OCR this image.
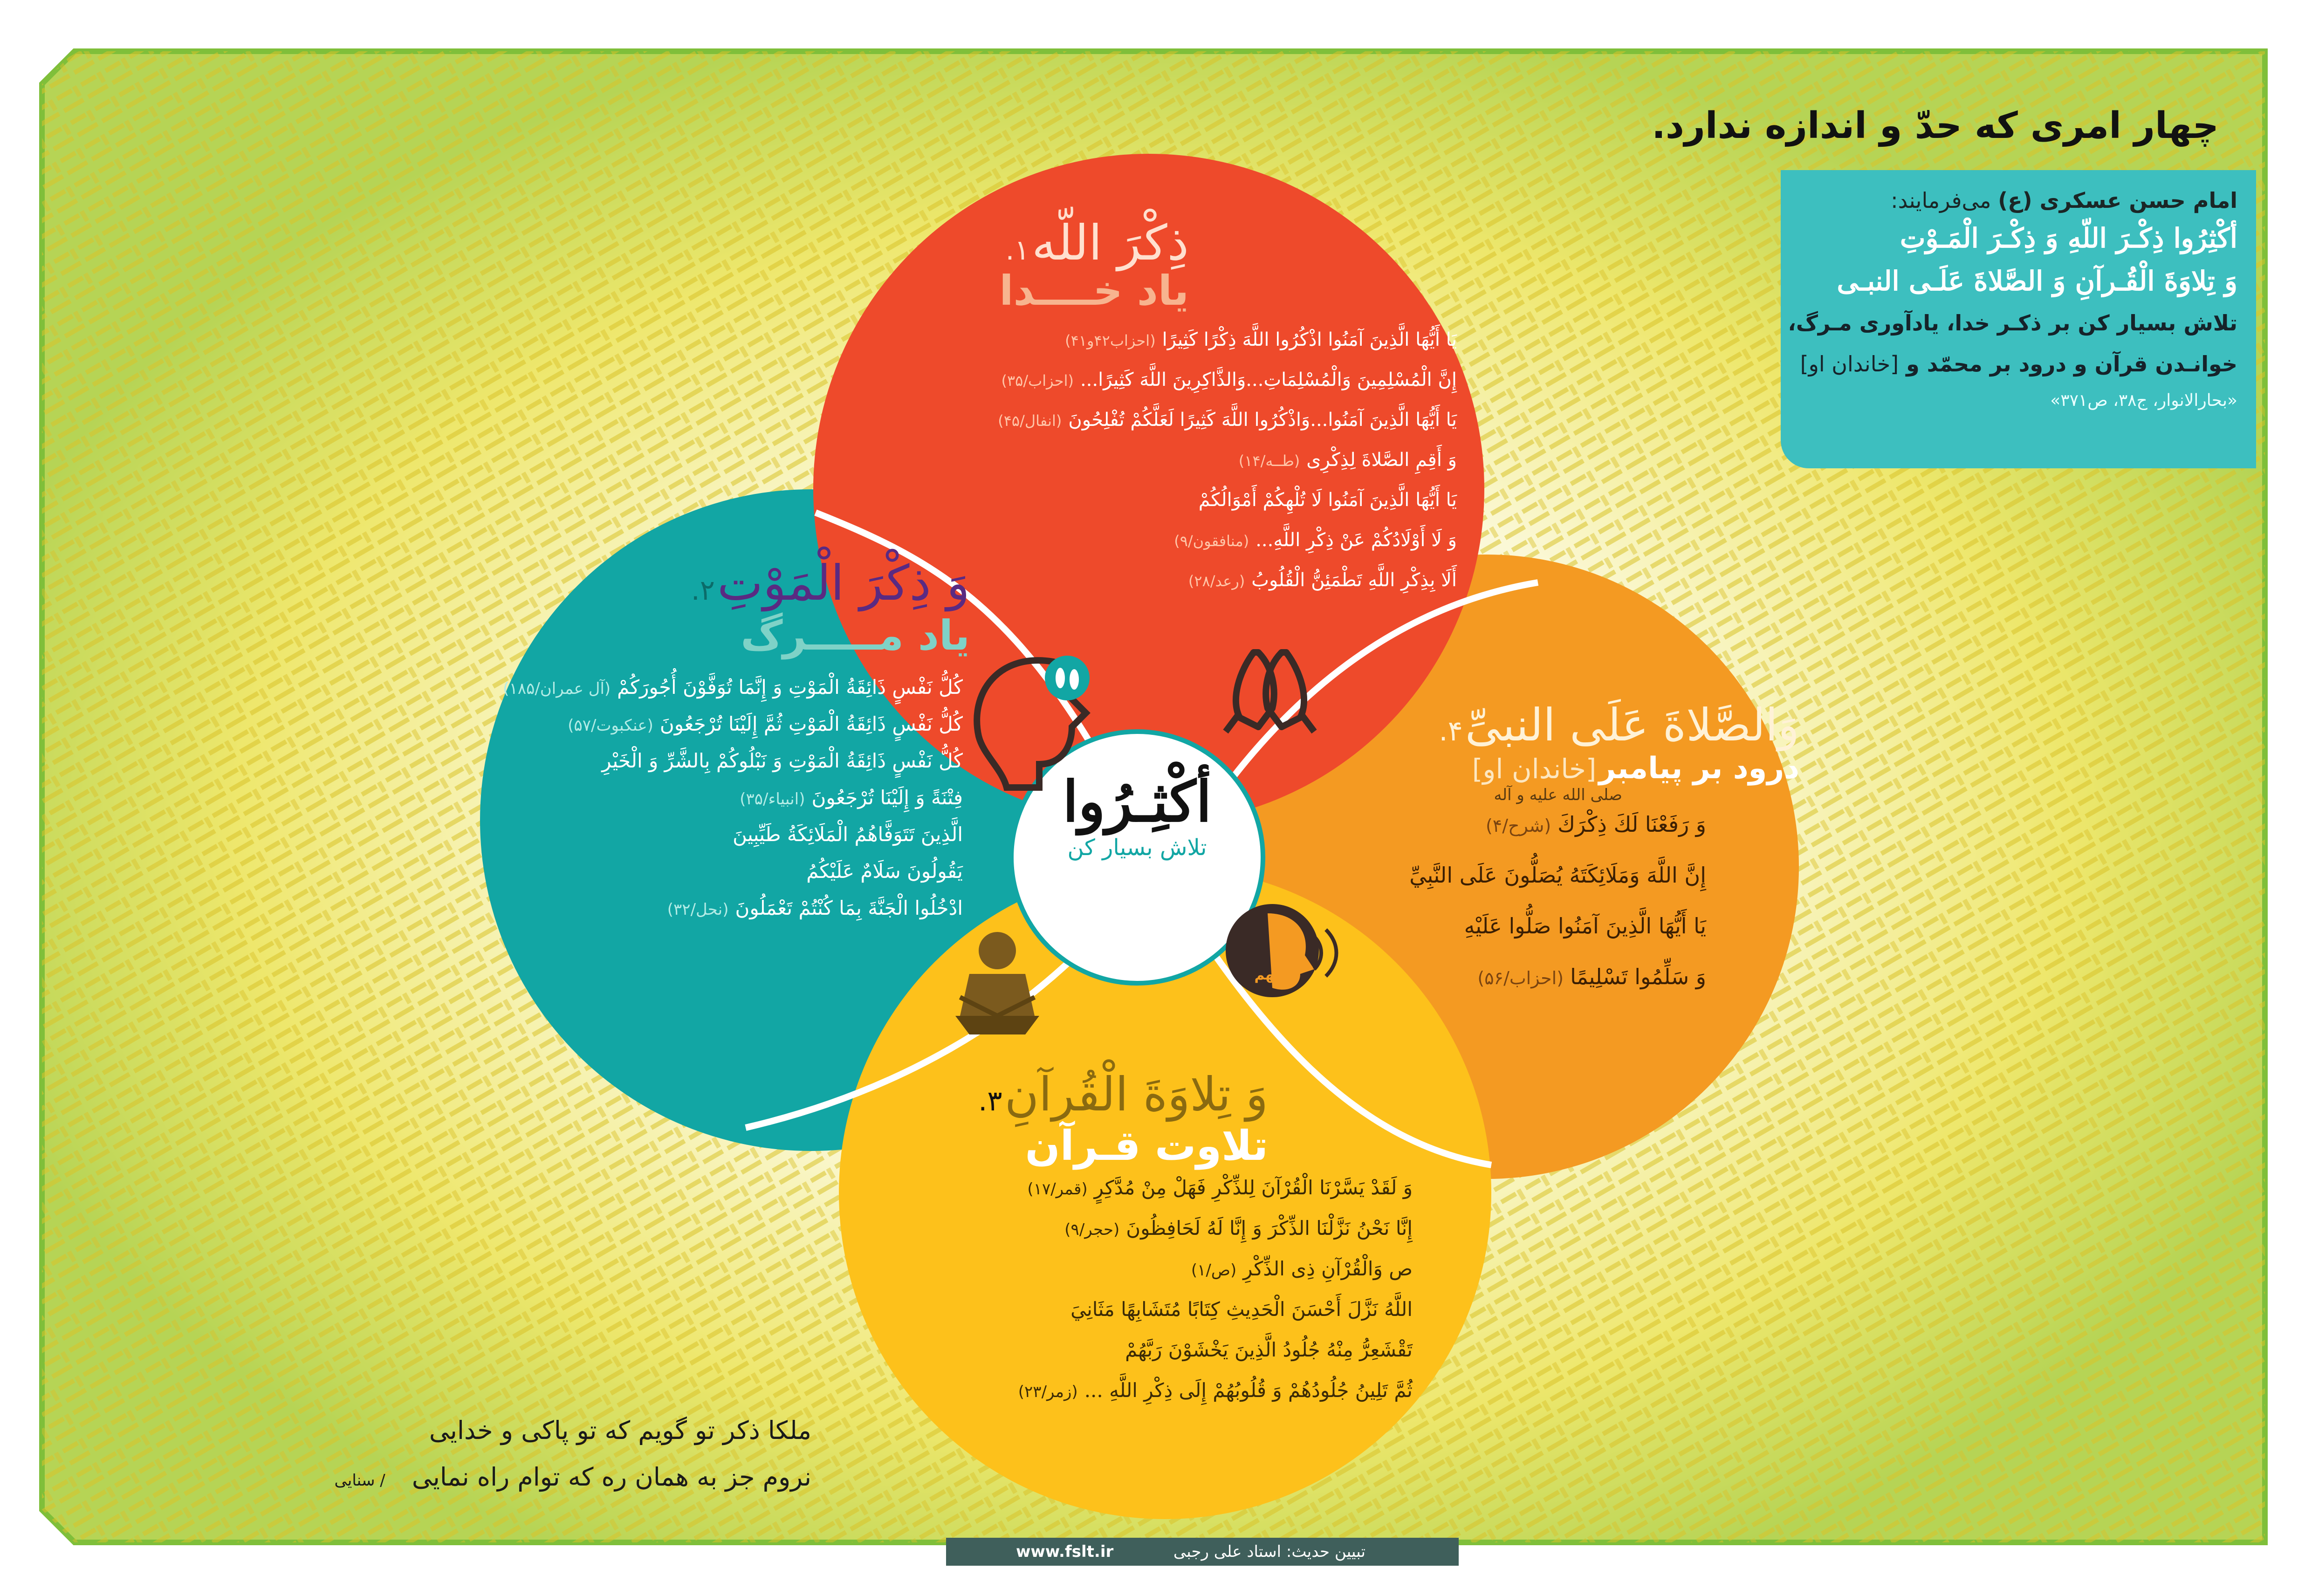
چهار امری که حدّ و اندازه ندارد.
امام حسن عسکری (ع) می‌فرمایند:
أكْثِرُوا ذِكْـرَ اللّهِ وَ ذِكْـرَ الْمَـوْتِ
وَ تِلاوَةَ الْقُـرآنِ وَ الصَّلاةَ عَلَـى النبـى
تلاش بسیار کن بر ذکـر خدا، یادآوری مـرگ،
خوانـدن قرآن و درود بر محمّد و [خاندان او]
«بحارالانوار، ج۳۸، ص۳۷۱»
أكْثِـرُوا
تلاش بسیار کن
ذِكْرَ اللّه ۱.
یاد خــــدا
يَا أَيُّهَا الَّذِينَ آمَنُوا اذْكُرُوا اللَّهَ ذِكْرًا كَثِيرًا(احزاب۴۲و۴۱)
إِنَّ الْمُسْلِمِينَ وَالْمُسْلِمَاتِ...وَالذَّاكِرِينَ اللَّهَ كَثِيرًا...(احزاب/۳۵)
يَا أَيُّهَا الَّذِينَ آمَنُوا...وَاذْكُرُوا اللَّهَ كَثِيرًا لَعَلَّكُمْ تُفْلِحُونَ(انفال/۴۵)
وَ أَقِمِ الصَّلاةَ لِذِكْرِی(طــه/۱۴)
يَا أَيُّهَا الَّذِينَ آمَنُوا لَا تُلْهِكُمْ أَمْوَالُكُمْ
وَ لَا أَوْلَادُكُمْ عَنْ ذِكْرِ اللَّهِ...(منافقون/۹)
أَلَا بِذِكْرِ اللَّهِ تَطْمَئِنُّ الْقُلُوبُ(رعد/۲۸)
وَ ذِكْرَ الْمَوْتِ ۲.
یاد مـــــرگ
كُلُّ نَفْسٍ ذَائِقَةُ الْمَوْتِ وَ إِنَّمَا تُوَفَّوْنَ أُجُورَكُمْ(آل عمران/۱۸۵)
كُلُّ نَفْسٍ ذَائِقَةُ الْمَوْتِ ثُمَّ إِلَيْنَا تُرْجَعُونَ(عنكبوت/۵۷)
كُلُّ نَفْسٍ ذَائِقَةُ الْمَوْتِ وَ نَبْلُوكُمْ بِالشَّرِّ وَ الْخَيْرِ
فِتْنَةً وَ إِلَيْنَا تُرْجَعُونَ(انبياء/۳۵)
الَّذِينَ تَتَوَفَّاهُمُ الْمَلَائِكَةُ طَيِّبِينَ
يَقُولُونَ سَلَامٌ عَلَيْكُمُ
ادْخُلُوا الْجَنَّةَ بِمَا كُنْتُمْ تَعْمَلُونَ(نحل/۳۲)
وَ تِلاوَةَ الْقُرآنِ ۳.
تلاوت قـرآن
وَ لَقَدْ يَسَّرْنَا الْقُرْآنَ لِلذِّكْرِ فَهَلْ مِنْ مُدَّكِرٍ(قمر/۱۷)
إِنَّا نَحْنُ نَزَّلْنَا الذِّكْرَ وَ إِنَّا لَهُ لَحَافِظُونَ(حجر/۹)
ص وَالْقُرْآنِ ذِی الذِّكْرِ(ص/۱)
اللَّهُ نَزَّلَ أَحْسَنَ الْحَدِيثِ كِتَابًا مُتَشَابِهًا مَثَانِيَ
تَقْشَعِرُّ مِنْهُ جُلُودُ الَّذِينَ يَخْشَوْنَ رَبَّهُمْ
ثُمَّ تَلِينُ جُلُودُهُمْ وَ قُلُوبُهُمْ إِلَى ذِكْرِ اللَّهِ ...(زمر/۲۳)
وَالصَّلاةَ عَلَى النبىِّ ۴.
درود بر پیامبر [خاندان او]
صلی الله علیه و آله
اللهم
وَ رَفَعْنَا لَكَ ذِكْرَكَ(شرح/۴)
إِنَّ اللَّهَ وَمَلَائِكَتَهُ يُصَلُّونَ عَلَى النَّبِيِّ
يَا أَيُّهَا الَّذِينَ آمَنُوا صَلُّوا عَلَيْهِ
وَ سَلِّمُوا تَسْلِيمًا(احزاب/۵۶)
ملکا ذکر تو گویم که تو پاکی و خدایی
نروم جز به همان ره که توام راه نمایی / سنایی
www.fslt.ir	تبیین حدیث: استاد علی رجبی
